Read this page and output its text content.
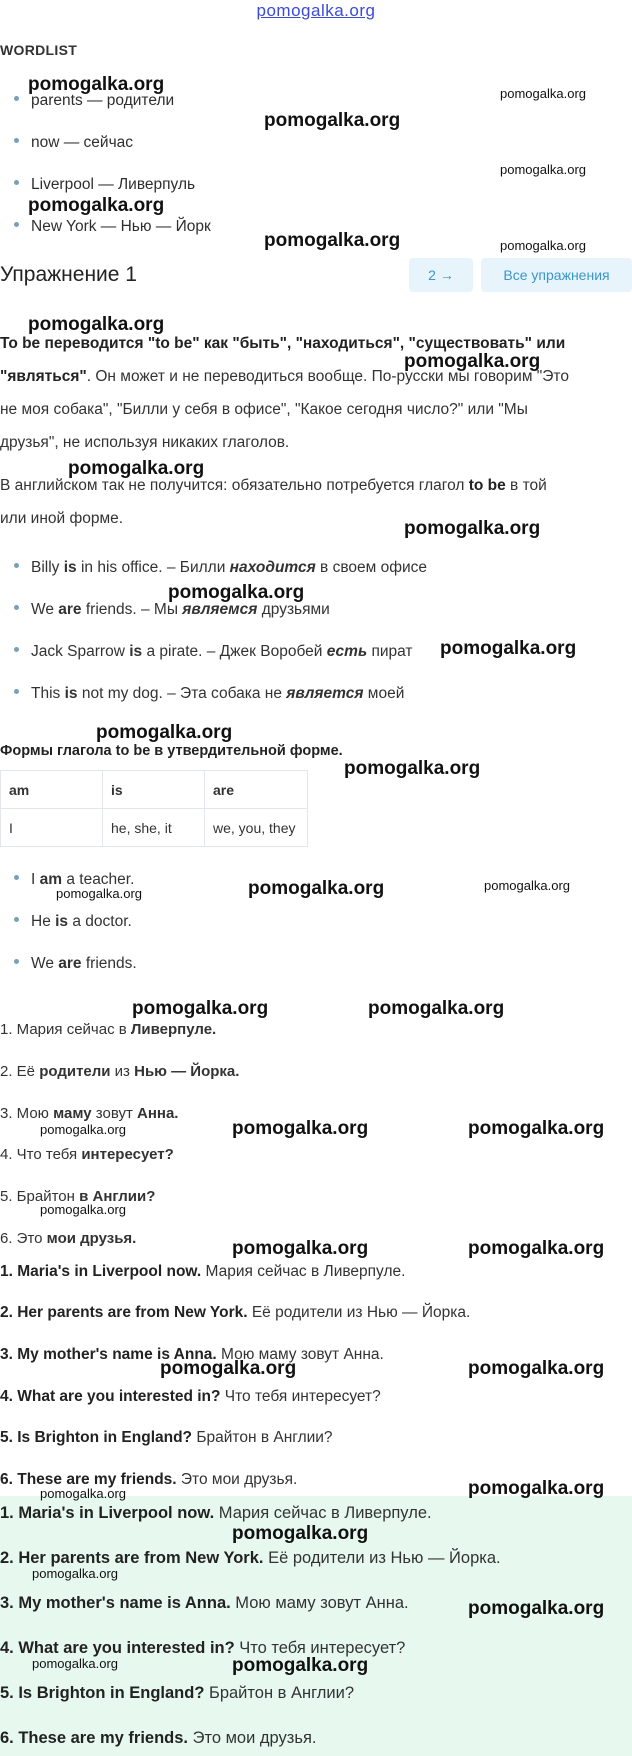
pomogalka.org
WORDLIST
parents — родители
now — сейчас
Liverpool — Ливерпуль
New York — Нью — Йорк
Упражнение 1	2 →	Все упражнения
To be переводится "to be" как "быть", "находиться", "существовать" или
"являться". Он может и не переводиться вообще. По-русски мы говорим "Это
не моя собака", "Билли у себя в офисе", "Какое сегодня число?" или "Мы
друзья", не используя никаких глаголов.
В английском так не получится: обязательно потребуется глагол to be в той
или иной форме.
Billy is in his office. – Билли находится в своем офисе
We are friends. – Мы являемся друзьями
Jack Sparrow is a pirate. – Джек Воробей есть пират
This is not my dog. – Эта собака не является моей
Формы глагола to be в утвердительной форме.
am	is	are
I	he, she, it	we, you, they
I am a teacher.
He is a doctor.
We are friends.
1. Мария сейчас в Ливерпуле.
2. Её родители из Нью — Йорка.
3. Мою маму зовут Анна.
4. Что тебя интересует?
5. Брайтон в Англии?
6. Это мои друзья.
1. Maria's in Liverpool now. Мария сейчас в Ливерпуле.
2. Her parents are from New York. Её родители из Нью — Йорка.
3. My mother's name is Anna. Мою маму зовут Анна.
4. What are you interested in? Что тебя интересует?
5. Is Brighton in England? Брайтон в Англии?
6. These are my friends. Это мои друзья.
1. Maria's in Liverpool now. Мария сейчас в Ливерпуле.
2. Her parents are from New York. Её родители из Нью — Йорка.
3. My mother's name is Anna. Мою маму зовут Анна.
4. What are you interested in? Что тебя интересует?
5. Is Brighton in England? Брайтон в Англии?
6. These are my friends. Это мои друзья.
pomogalka.org
pomogalka.org
pomogalka.org
pomogalka.org
pomogalka.org
pomogalka.org	pomogalka.org
pomogalka.org
pomogalka.org
pomogalka.org
pomogalka.org
pomogalka.org
pomogalka.org
pomogalka.org
pomogalka.org
pomogalka.org	pomogalka.org	pomogalka.org
pomogalka.org	pomogalka.org
pomogalka.org	pomogalka.org	pomogalka.org
pomogalka.org
pomogalka.org	pomogalka.org
pomogalka.org	pomogalka.org
pomogalka.org	pomogalka.org
pomogalka.org
pomogalka.org
pomogalka.org
pomogalka.org	pomogalka.org
